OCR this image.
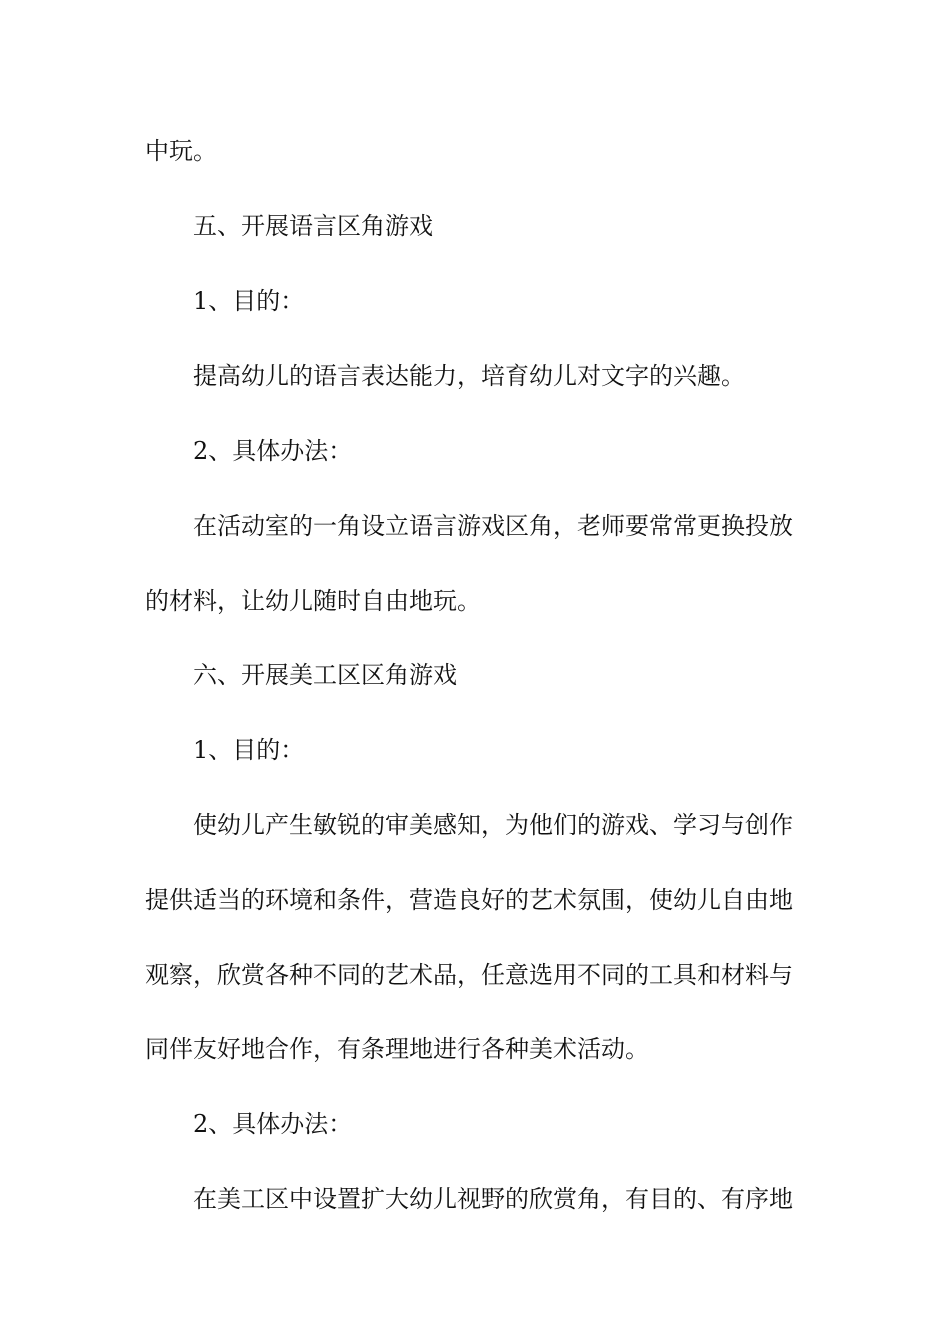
中玩。
五、开展语言区角游戏
1、目的：
提高幼儿的语言表达能力，培育幼儿对文字的兴趣。
2、具体办法：
在活动室的一角设立语言游戏区角，老师要常常更换投放
的材料，让幼儿随时自由地玩。
六、开展美工区区角游戏
1、目的：
使幼儿产生敏锐的审美感知，为他们的游戏、学习与创作
提供适当的环境和条件，营造良好的艺术氛围，使幼儿自由地
观察，欣赏各种不同的艺术品，任意选用不同的工具和材料与
同伴友好地合作，有条理地进行各种美术活动。
2、具体办法：
在美工区中设置扩大幼儿视野的欣赏角，有目的、有序地
